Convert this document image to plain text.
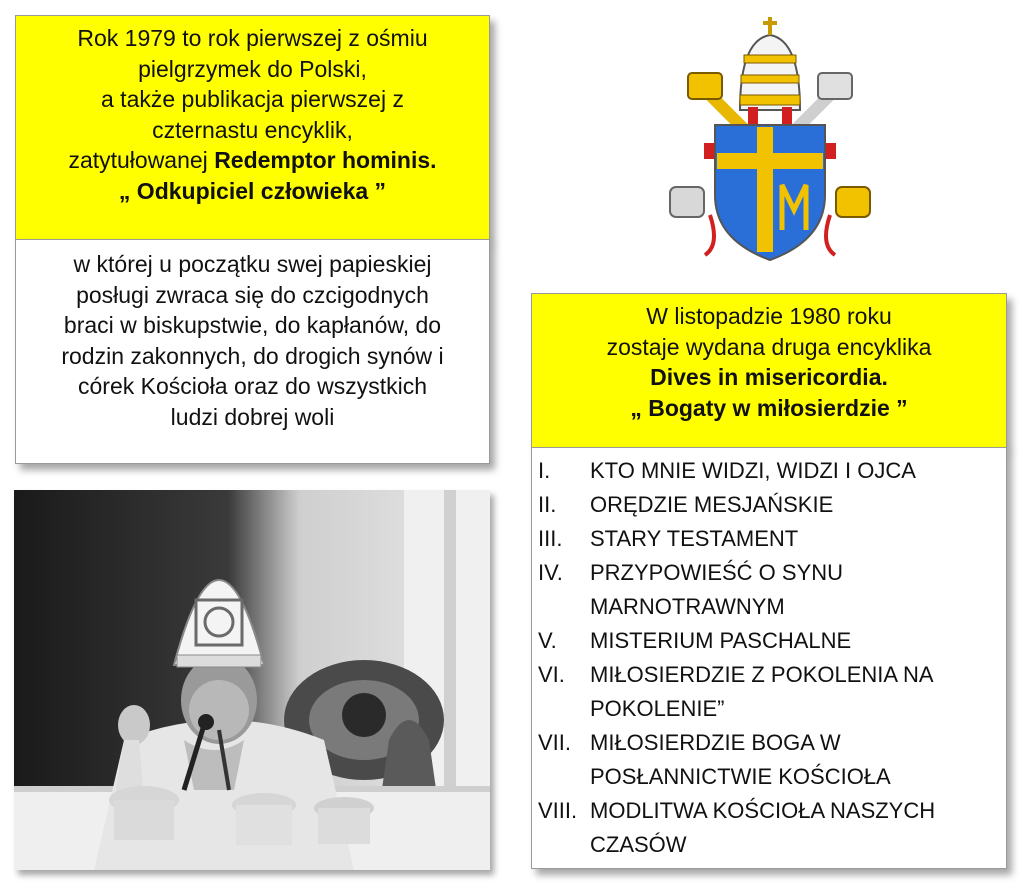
Rok 1979 to rok pierwszej z ośmiu
pielgrzymek do Polski,
a także publikacja pierwszej z
czternastu encyklik,
zatytułowanej Redemptor hominis.
„ Odkupiciel człowieka ”
w której u początku swej papieskiej
posługi zwraca się do czcigodnych
braci w biskupstwie, do kapłanów, do
rodzin zakonnych, do drogich synów i
córek Kościoła oraz do wszystkich
ludzi dobrej woli
W listopadzie 1980 roku
zostaje wydana druga encyklika
Dives in misericordia.
„ Bogaty w miłosierdzie ”
I.	KTO MNIE WIDZI, WIDZI I OJCA
II.	ORĘDZIE MESJAŃSKIE
III.	STARY TESTAMENT
IV.	PRZYPOWIEŚĆ O SYNU
MARNOTRAWNYM
V.	MISTERIUM PASCHALNE
VI.	MIŁOSIERDZIE Z POKOLENIA NA
POKOLENIE”
VII. MIŁOSIERDZIE BOGA W
POSŁANNICTWIE KOŚCIOŁA
VIII. MODLITWA KOŚCIOŁA NASZYCH
CZASÓW
